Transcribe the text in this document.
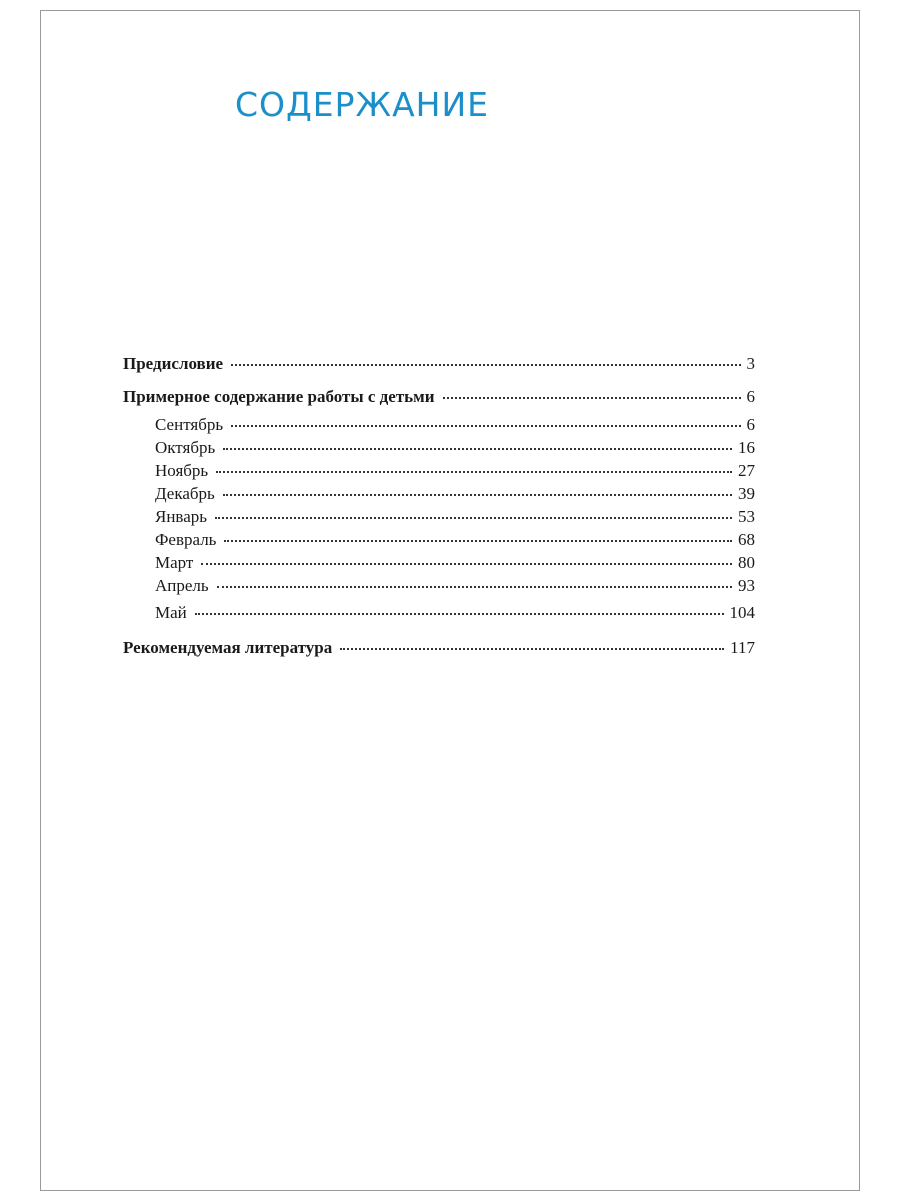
СОДЕРЖАНИЕ
Предисловие	3
Примерное содержание работы с детьми	6
Сентябрь	6
Октябрь	16
Ноябрь	27
Декабрь	39
Январь	53
Февраль	68
Март	80
Апрель	93
Май	104
Рекомендуемая литература	117
